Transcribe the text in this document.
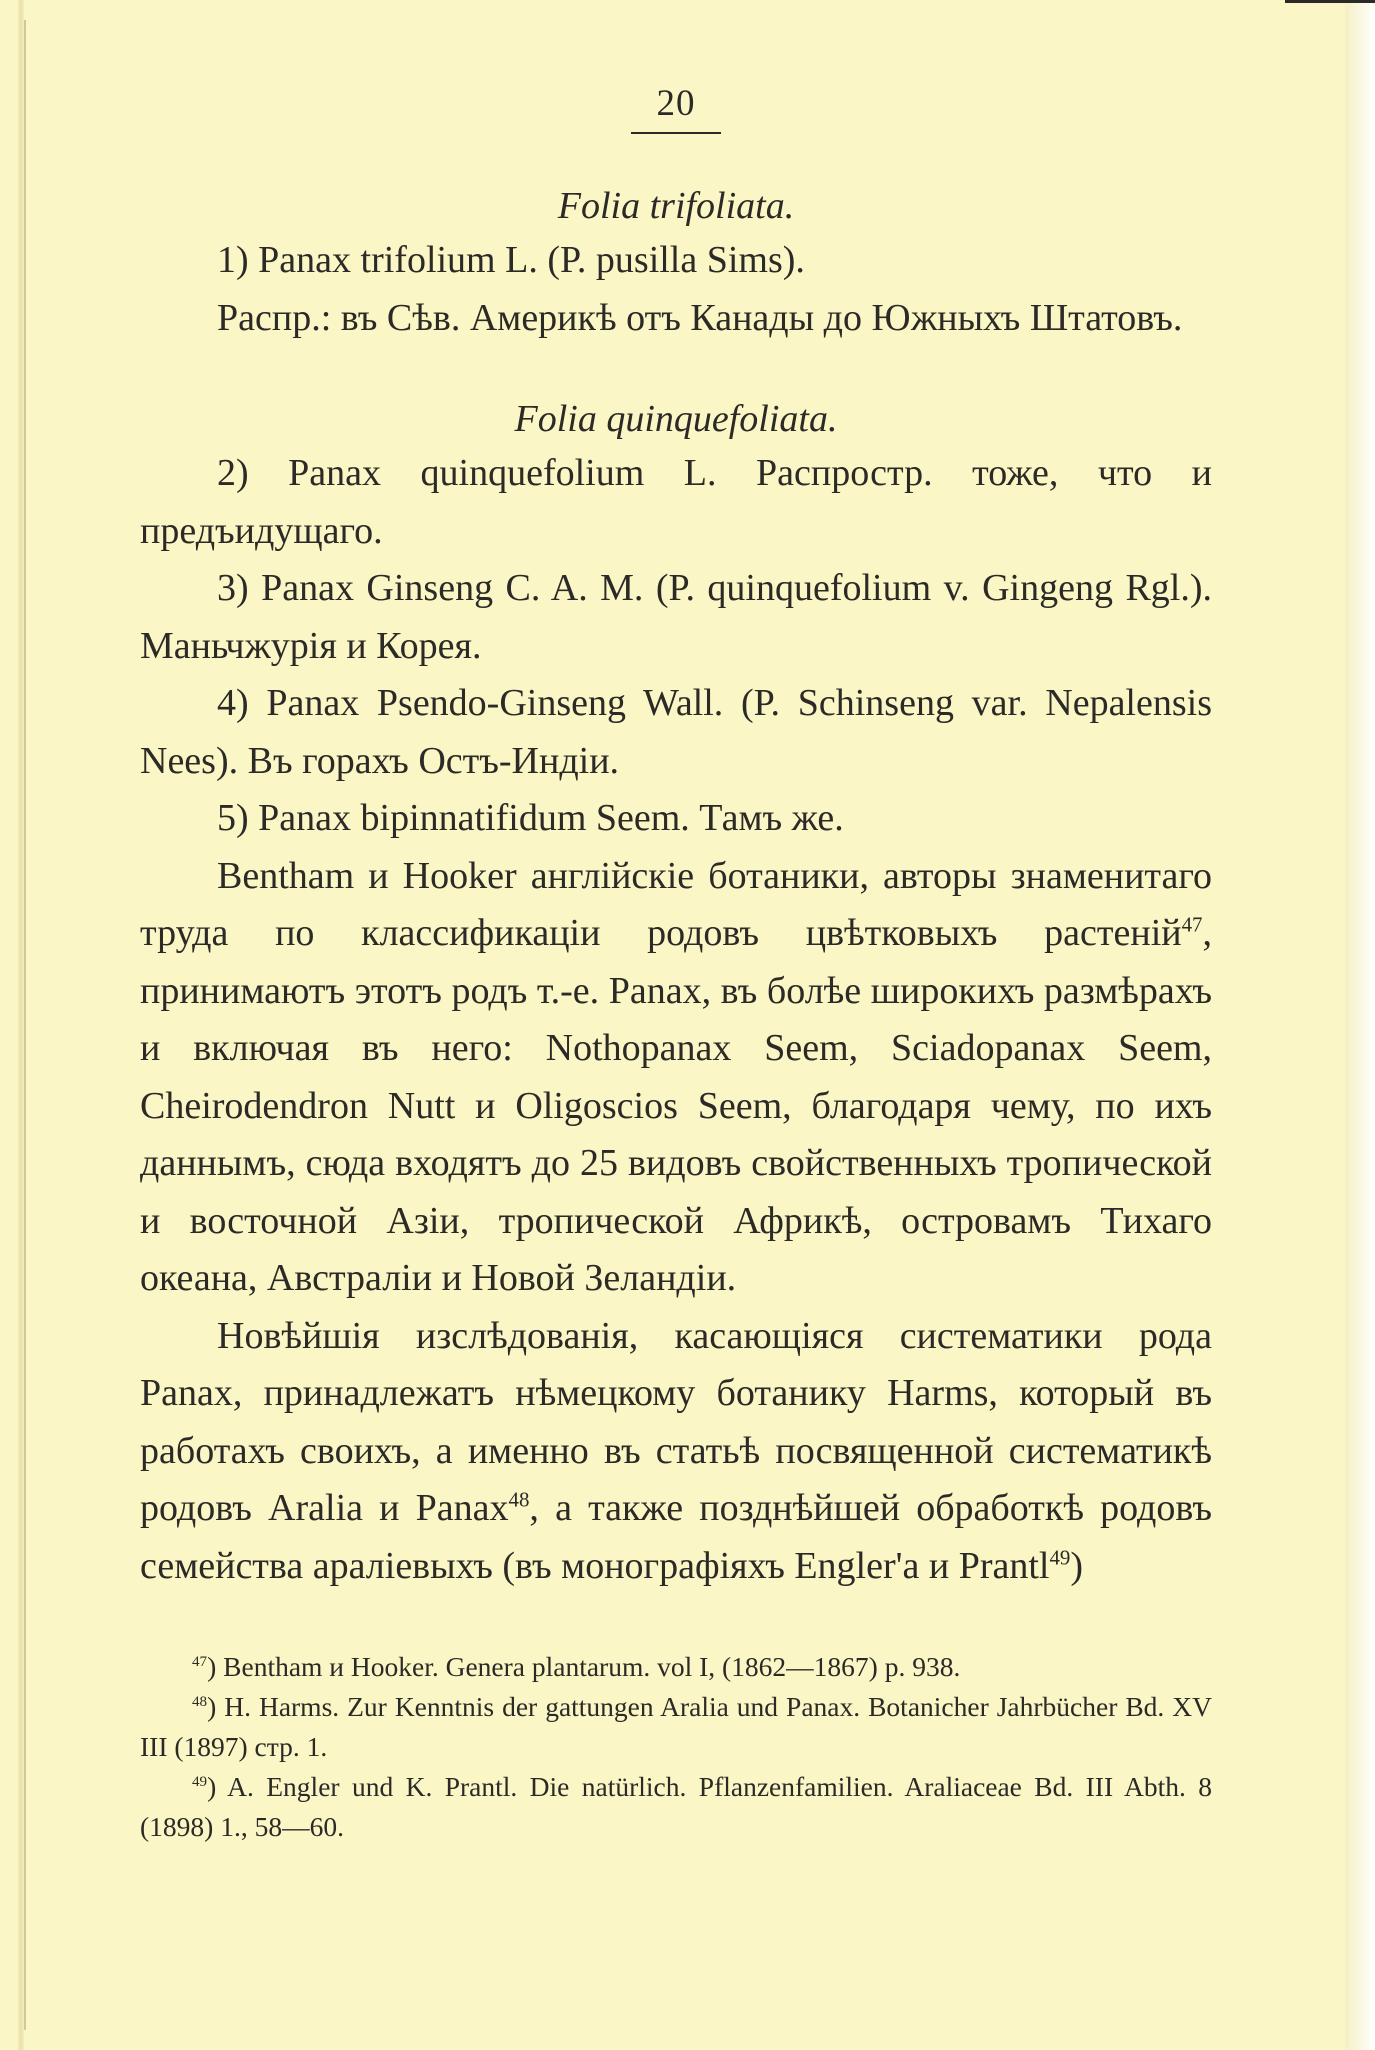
20
Folia trifoliata.

1) Panax trifolium L. (P. pusilla Sims).

Распр.: въ Сѣв. Америкѣ отъ Канады до Южныхъ Штатовъ.

Folia quinquefoliata.

2) Panax quinquefolium L. Распростр. тоже, что и предъидущаго.

3) Panax Ginseng C. A. M. (P. quinquefolium v. Gingeng Rgl.). Маньчжурія и Корея.

4) Panax Psendo-Ginseng Wall. (P. Schinseng var. Nepalensis Nees). Въ горахъ Остъ-Индіи.

5) Panax bipinnatifidum Seem. Тамъ же.

Bentham и Hooker англійскіе ботаники, авторы знаменитаго труда по классификаціи родовъ цвѣтковыхъ растеній$^{47}$, принимаютъ этотъ родъ т.-е. Panax, въ болѣе широкихъ размѣрахъ и включая въ него: Nothopanax Seem, Sciadopanax Seem, Cheirodendron Nutt и Oligoscios Seem, благодаря чему, по ихъ даннымъ, сюда входятъ до 25 видовъ свойственныхъ тропической и восточной Азіи, тропической Африкѣ, островамъ Тихаго океана, Австраліи и Новой Зеландіи.

Новѣйшія изслѣдованія, касающіяся систематики рода Panax, принадлежатъ нѣмецкому ботанику Harms, который въ работахъ своихъ, а именно въ статьѣ посвященной систематикѣ родовъ Aralia и Panax$^{48}$, а также позднѣйшей обработкѣ родовъ семейства араліевыхъ (въ монографіяхъ Engler'a и Prantl$^{49}$)

$^{47}$) Bentham и Hooker. Genera plantarum. vol I, (1862—1867) p. 938.

$^{48}$) H. Harms. Zur Kenntnis der gattungen Aralia und Panax. Botanicher Jahrbücher Bd. XV III (1897) стр. 1.

$^{49}$) A. Engler und K. Prantl. Die natürlich. Pflanzenfamilien. Araliaceae Bd. III Abth. 8 (1898) 1., 58—60.
